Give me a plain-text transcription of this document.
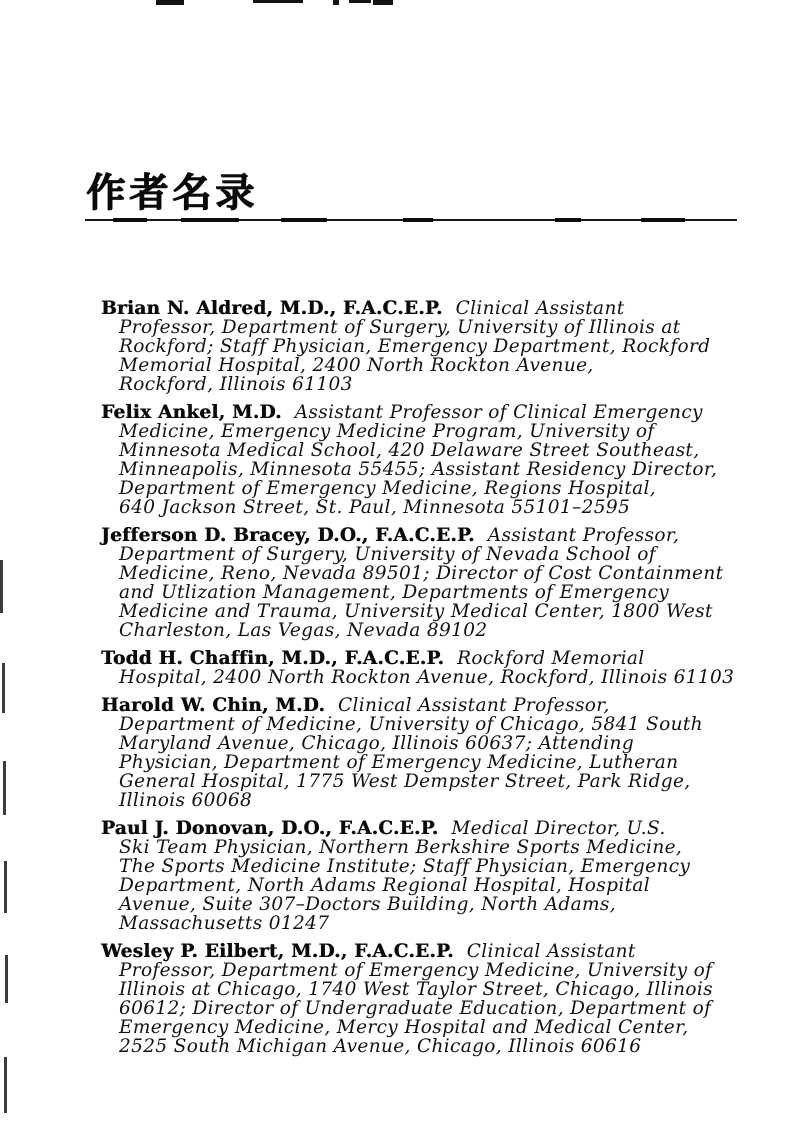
作者名录
Brian N. Aldred, M.D., F.A.C.E.P. Clinical Assistant
Professor, Department of Surgery, University of Illinois at
Rockford; Staff Physician, Emergency Department, Rockford
Memorial Hospital, 2400 North Rockton Avenue,
Rockford, Illinois 61103
Felix Ankel, M.D. Assistant Professor of Clinical Emergency
Medicine, Emergency Medicine Program, University of
Minnesota Medical School, 420 Delaware Street Southeast,
Minneapolis, Minnesota 55455; Assistant Residency Director,
Department of Emergency Medicine, Regions Hospital,
640 Jackson Street, St. Paul, Minnesota 55101–2595
Jefferson D. Bracey, D.O., F.A.C.E.P. Assistant Professor,
Department of Surgery, University of Nevada School of
Medicine, Reno, Nevada 89501; Director of Cost Containment
and Utlization Management, Departments of Emergency
Medicine and Trauma, University Medical Center, 1800 West
Charleston, Las Vegas, Nevada 89102
Todd H. Chaffin, M.D., F.A.C.E.P. Rockford Memorial
Hospital, 2400 North Rockton Avenue, Rockford, Illinois 61103
Harold W. Chin, M.D. Clinical Assistant Professor,
Department of Medicine, University of Chicago, 5841 South
Maryland Avenue, Chicago, Illinois 60637; Attending
Physician, Department of Emergency Medicine, Lutheran
General Hospital, 1775 West Dempster Street, Park Ridge,
Illinois 60068
Paul J. Donovan, D.O., F.A.C.E.P. Medical Director, U.S.
Ski Team Physician, Northern Berkshire Sports Medicine,
The Sports Medicine Institute; Staff Physician, Emergency
Department, North Adams Regional Hospital, Hospital
Avenue, Suite 307–Doctors Building, North Adams,
Massachusetts 01247
Wesley P. Eilbert, M.D., F.A.C.E.P. Clinical Assistant
Professor, Department of Emergency Medicine, University of
Illinois at Chicago, 1740 West Taylor Street, Chicago, Illinois
60612; Director of Undergraduate Education, Department of
Emergency Medicine, Mercy Hospital and Medical Center,
2525 South Michigan Avenue, Chicago, Illinois 60616
